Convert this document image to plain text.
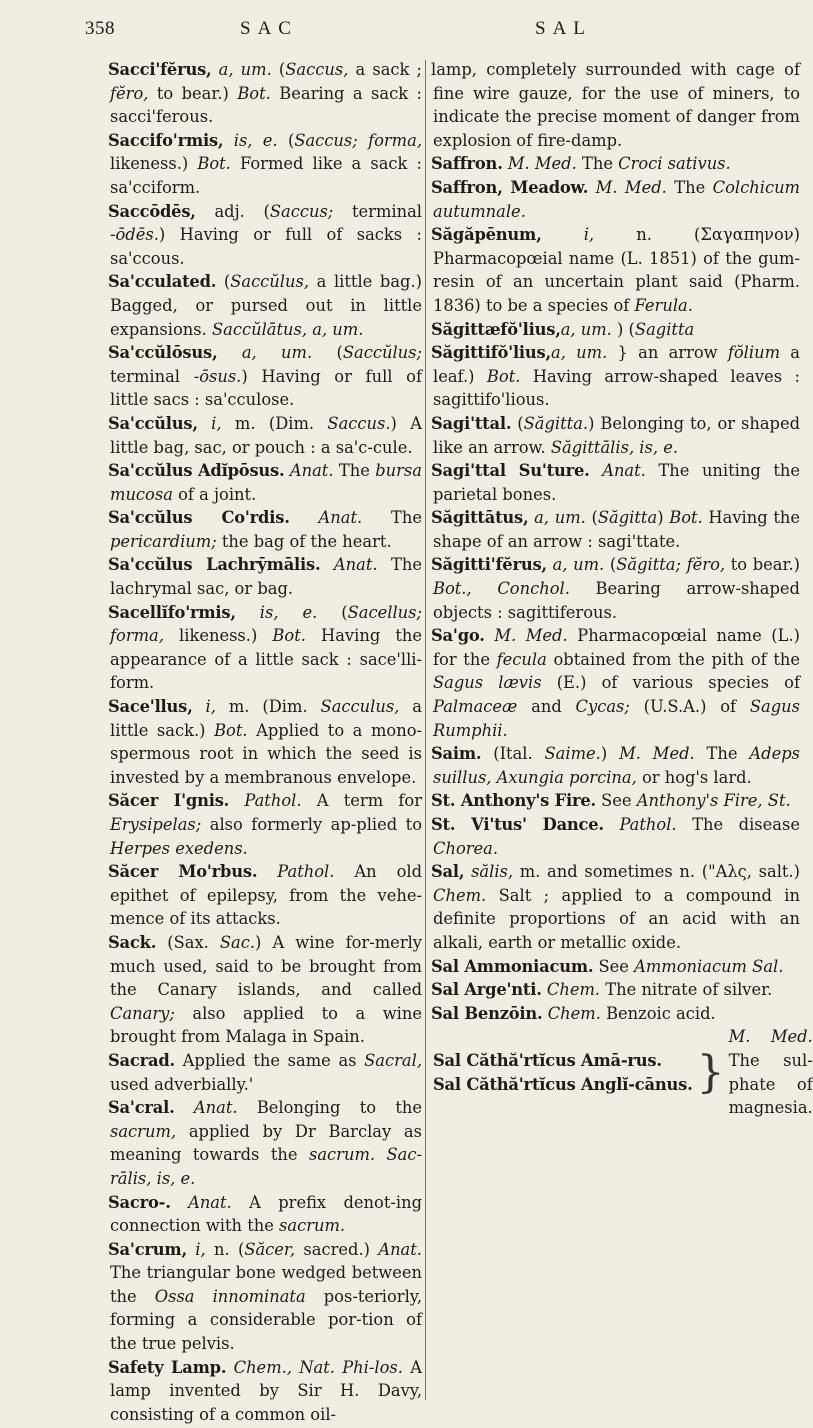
358	SAC	SAL

Sacci'fĕrus, a, um. (Saccus, a sack ; fĕro, to bear.) Bot. Bearing a sack : sacci'ferous.

Saccifo'rmis, is, e. (Saccus; forma, likeness.) Bot. Formed like a sack : sa'cciform.

Saccōdēs, adj. (Saccus; terminal -ōdēs.) Having or full of sacks : sa'ccous.

Sa'cculated. (Saccŭlus, a little bag.) Bagged, or pursed out in little expansions. Saccŭlātus, a, um.

Sa'ccŭlōsus, a, um. (Saccŭlus; terminal -ōsus.) Having or full of little sacs : sa'cculose.

Sa'ccŭlus, i, m. (Dim. Saccus.) A little bag, sac, or pouch : a sa'c-cule.

Sa'ccŭlus Adĭpōsus. Anat. The bursa mucosa of a joint.

Sa'ccŭlus Co'rdis. Anat. The pericardium; the bag of the heart.

Sa'ccŭlus Lachrȳmālis. Anat. The lachrymal sac, or bag.

Sacellĭfo'rmis, is, e. (Sacellus; forma, likeness.) Bot. Having the appearance of a little sack : sace'lli-form.

Sace'llus, i, m. (Dim. Sacculus, a little sack.) Bot. Applied to a mono-spermous root in which the seed is invested by a membranous envelope.

Săcer I'gnis. Pathol. A term for Erysipelas; also formerly ap-plied to Herpes exedens.

Săcer Mo'rbus. Pathol. An old epithet of epilepsy, from the vehe-mence of its attacks.

Sack. (Sax. Sac.) A wine for-merly much used, said to be brought from the Canary islands, and called Canary; also applied to a wine brought from Malaga in Spain.

Sacrad. Applied the same as Sacral, used adverbially.'

Sa'cral. Anat. Belonging to the sacrum, applied by Dr Barclay as meaning towards the sacrum. Sac-rālis, is, e.

Sacro-. Anat. A prefix denot-ing connection with the sacrum.

Sa'crum, i, n. (Săcer, sacred.) Anat. The triangular bone wedged between the Ossa innominata pos-teriorly, forming a considerable por-tion of the true pelvis.

Safety Lamp. Chem., Nat. Phi-los. A lamp invented by Sir H. Davy, consisting of a common oil-

lamp, completely surrounded with cage of fine wire gauze, for the use of miners, to indicate the precise moment of danger from explosion of fire-damp.

Saffron. M. Med. The Croci sativus.

Saffron, Meadow. M. Med. The Colchicum autumnale.

Săgăpēnum,	i, n. (Σαγαπηνον) Pharmacopœial name (L. 1851) of the gum-resin of an uncertain plant said (Pharm. 1836) to be a species of Ferula.

Săgittæfŏ'lius,a, um. ) (Sagitta

Săgittifŏ'lius,a, um. } an arrow fŏlium a leaf.) Bot. Having arrow-shaped leaves : sagittifo'lious.

Sagi'ttal. (Săgitta.) Belonging to, or shaped like an arrow. Săgittālis, is, e.

Sagi'ttal Su'ture. Anat. The uniting the parietal bones.

Săgittātus, a, um. (Săgitta) Bot. Having the shape of an arrow : sagi'ttate.

Săgitti'fĕrus, a, um. (Săgitta; fĕro, to bear.) Bot., Conchol. Bearing arrow-shaped objects : sagittiferous.

Sa'go. M. Med. Pharmacopœial name (L.) for the fecula obtained from the pith of the Sagus lævis (E.) of various species of Palmaceæ and Cycas; (U.S.A.) of Sagus Rumphii.

Saim. (Ital. Saime.) M. Med. The Adeps suillus, Axungia porcina, or hog's lard.

St. Anthony's Fire. See Anthony's Fire, St.

St. Vi'tus' Dance. Pathol. The disease Chorea.

Sal, sălis, m. and sometimes n. ("Αλς, salt.) Chem. Salt ; applied to a compound in definite proportions of an acid with an alkali, earth or metallic oxide.

Sal Ammoniacum. See Ammoniacum Sal.

Sal Arge'nti. Chem. The nitrate of silver.

Sal Benzōin. Chem. Benzoic acid.

Sal Căthă'rtĭcus Amā-rus.
Sal Căthă'rtĭcus Anglĭ-cānus. }
M. Med. The sul-phate of magnesia.
